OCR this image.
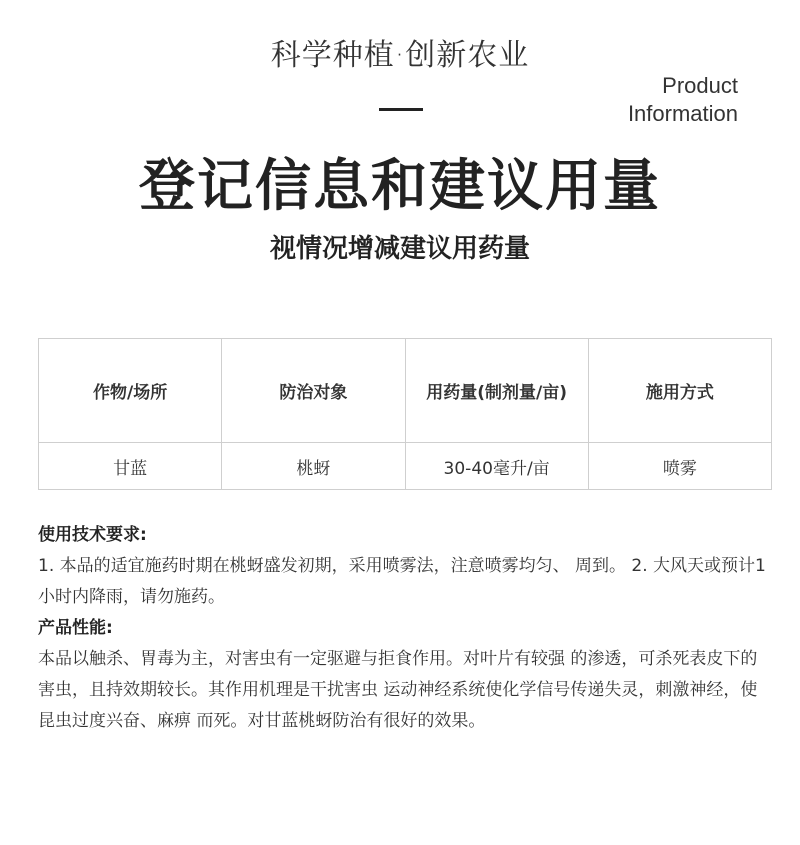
科学种植·创新农业
Product
Information
登记信息和建议用量
视情况增减建议用药量
作物/场所	防治对象	用药量(制剂量/亩)	施用方式
甘蓝	桃蚜	30-40毫升/亩	喷雾

使用技术要求:

1. 本品的适宜施药时期在桃蚜盛发初期，采用喷雾法，注意喷雾均匀、 周到。 2. 大风天或预计1小时内降雨，请勿施药。

产品性能:

本品以触杀、胃毒为主，对害虫有一定驱避与拒食作用。对叶片有较强 的渗透，可杀死表皮下的害虫，且持效期较长。其作用机理是干扰害虫 运动神经系统使化学信号传递失灵，刺激神经，使昆虫过度兴奋、麻痹 而死。对甘蓝桃蚜防治有很好的效果。
